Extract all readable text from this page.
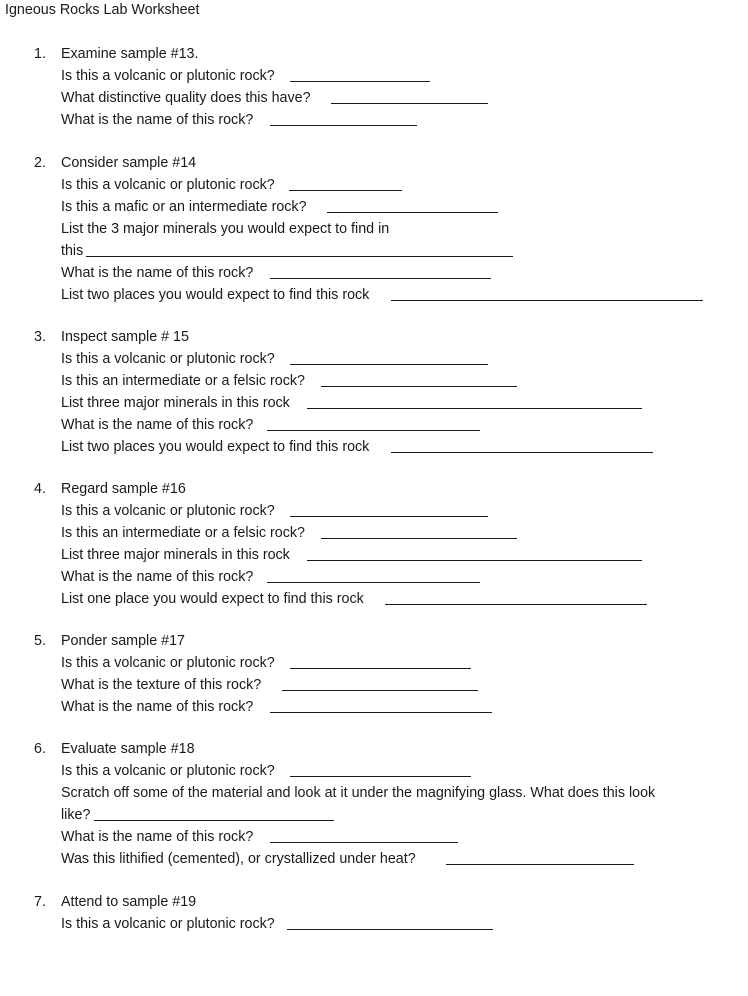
Igneous Rocks Lab Worksheet
1. Examine sample #13.
Is this a volcanic or plutonic rock?
What distinctive quality does this have?
What is the name of this rock?
2. Consider sample #14
Is this a volcanic or plutonic rock?
Is this a mafic or an intermediate rock?
List the 3 major minerals you would expect to find in
this
What is the name of this rock?
List two places you would expect to find this rock
3. Inspect sample # 15
Is this a volcanic or plutonic rock?
Is this an intermediate or a felsic rock?
List three major minerals in this rock
What is the name of this rock?
List two places you would expect to find this rock
4. Regard sample #16
Is this a volcanic or plutonic rock?
Is this an intermediate or a felsic rock?
List three major minerals in this rock
What is the name of this rock?
List one place you would expect to find this rock
5. Ponder sample #17
Is this a volcanic or plutonic rock?
What is the texture of this rock?
What is the name of this rock?
6. Evaluate sample #18
Is this a volcanic or plutonic rock?
Scratch off some of the material and look at it under the magnifying glass. What does this look
like?
What is the name of this rock?
Was this lithified (cemented), or crystallized under heat?
7. Attend to sample #19
Is this a volcanic or plutonic rock?
